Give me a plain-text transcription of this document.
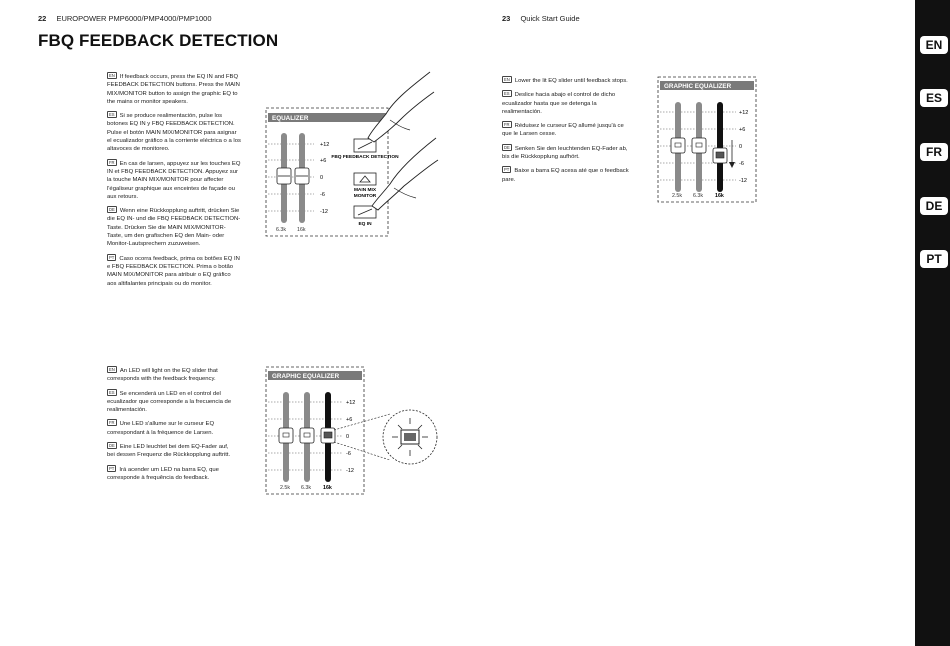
22 EUROPOWER PMP6000/PMP4000/PMP1000	23 Quick Start Guide
FBQ FEEDBACK DETECTION	EN
ES
FR
DE
PT

EN If feedback occurs, press the EQ IN and FBQ FEEDBACK DETECTION buttons. Press the MAIN MIX/MONITOR button to assign the graphic EQ to the mains or monitor speakers.

ES Si se produce realimentación, pulse los botones EQ IN y FBQ FEEDBACK DETECTION. Pulse el botón MAIN MIX/MONITOR para asignar el ecualizador gráfico a la corriente eléctrica o a los altavoces de monitoreo.

FR En cas de larsen, appuyez sur les touches EQ IN et FBQ FEEDBACK DETECTION. Appuyez sur la touche MAIN MIX/MONITOR pour affecter l'égaliseur graphique aux enceintes de façade ou aux retours.

DE Wenn eine Rückkopplung auftritt, drücken Sie die EQ IN- und die FBQ FEEDBACK DETECTION-Taste. Drücken Sie die MAIN MIX/MONITOR-Taste, um den grafischen EQ den Main- oder Monitor-Lautsprechern zuzuweisen.

PT Caso ocorra feedback, prima os botões EQ IN e FBQ FEEDBACK DETECTION. Prima o botão MAIN MIX/MONITOR para atribuir o EQ gráfico aos altifalantes principais ou do monitor.

EN An LED will light on the EQ slider that corresponds with the feedback frequency.

ES Se encenderá un LED en el control del ecualizador que corresponde a la frecuencia de realimentación.

FR Une LED s'allume sur le curseur EQ correspondant à la fréquence de Larsen.

DE Eine LED leuchtet bei dem EQ-Fader auf, bei dessen Frequenz die Rückkopplung auftritt.

PT Irá acender um LED na barra EQ, que corresponde à frequência do feedback.

EN Lower the lit EQ slider until feedback stops.

ES Deslice hacia abajo el control de dicho ecualizador hasta que se detenga la realimentación.

FR Réduisez le curseur EQ allumé jusqu'à ce que le Larsen cesse.

DE Senken Sie den leuchtenden EQ-Fader ab, bis die Rückkopplung aufhört.

PT Baixe a barra EQ acesa até que o feedback pare.

EQUALIZER
+12
+6
0
-6
-12
6.3k 16k
FBQ FEEDBACK DETECTION
MAIN MIX
MONITOR
EQ IN
GRAPHIC EQUALIZER
+12
+6
0
-6
-12
2.5k 6.3k 16k
GRAPHIC EQUALIZER
+12
+6
0
-6
-12
2.5k 6.3k 16k
